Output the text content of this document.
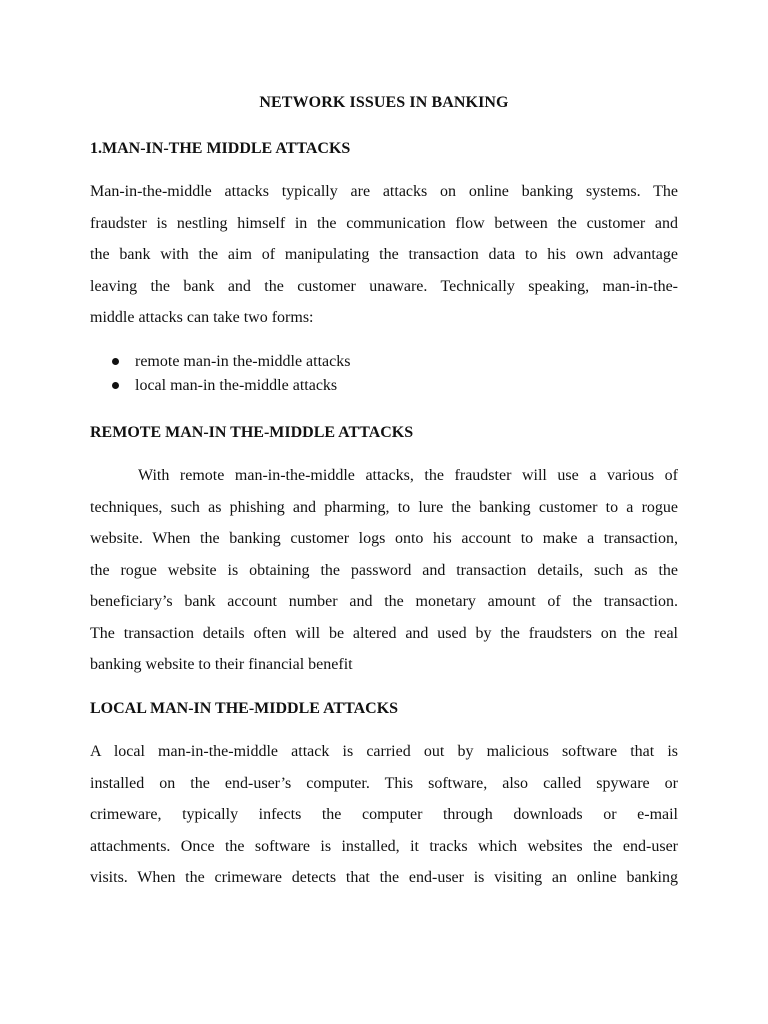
NETWORK ISSUES IN BANKING
1.MAN-IN-THE MIDDLE ATTACKS
Man-in-the-middle attacks typically are attacks on online banking systems. The
fraudster is nestling himself in the communication flow between the customer and
the bank with the aim of manipulating the transaction data to his own advantage
leaving the bank and the customer unaware. Technically speaking, man-in-the-
middle attacks can take two forms:
remote man-in the-middle attacks
local man-in the-middle attacks
REMOTE MAN-IN THE-MIDDLE ATTACKS
With remote man-in-the-middle attacks, the fraudster will use a various of
techniques, such as phishing and pharming, to lure the banking customer to a rogue
website. When the banking customer logs onto his account to make a transaction,
the rogue website is obtaining the password and transaction details, such as the
beneficiary’s bank account number and the monetary amount of the transaction.
The transaction details often will be altered and used by the fraudsters on the real
banking website to their financial benefit
LOCAL MAN-IN THE-MIDDLE ATTACKS
A local man-in-the-middle attack is carried out by malicious software that is
installed on the end-user’s computer. This software, also called spyware or
crimeware, typically infects the computer through downloads or e-mail
attachments. Once the software is installed, it tracks which websites the end-user
visits. When the crimeware detects that the end-user is visiting an online banking
